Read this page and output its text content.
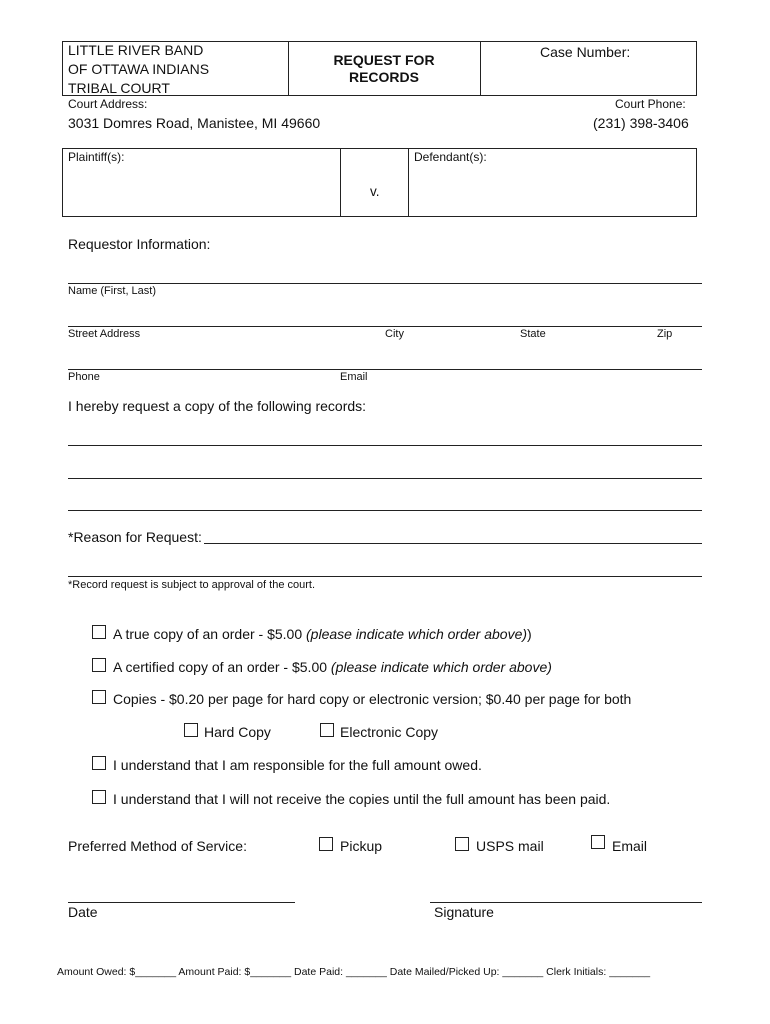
LITTLE RIVER BAND
OF OTTAWA INDIANS
TRIBAL COURT
REQUEST FOR
RECORDS
Case Number:
Court Address:
3031 Domres Road, Manistee, MI 49660
Court Phone:
(231) 398-3406
Plaintiff(s):
v.
Defendant(s):
Requestor Information:
Name (First, Last)
Street Address	City	State	Zip
Phone	Email
I hereby request a copy of the following records:
*Reason for Request:
*Record request is subject to approval of the court.
A true copy of an order - $5.00 (please indicate which order above))
A certified copy of an order - $5.00 (please indicate which order above)
Copies - $0.20 per page for hard copy or electronic version; $0.40 per page for both
Hard Copy	Electronic Copy
I understand that I am responsible for the full amount owed.
I understand that I will not receive the copies until the full amount has been paid.
Preferred Method of Service:	Pickup	USPS mail	Email
Date	Signature
Amount Owed: $_______ Amount Paid: $_______ Date Paid: _______ Date Mailed/Picked Up: _______ Clerk Initials: _______
